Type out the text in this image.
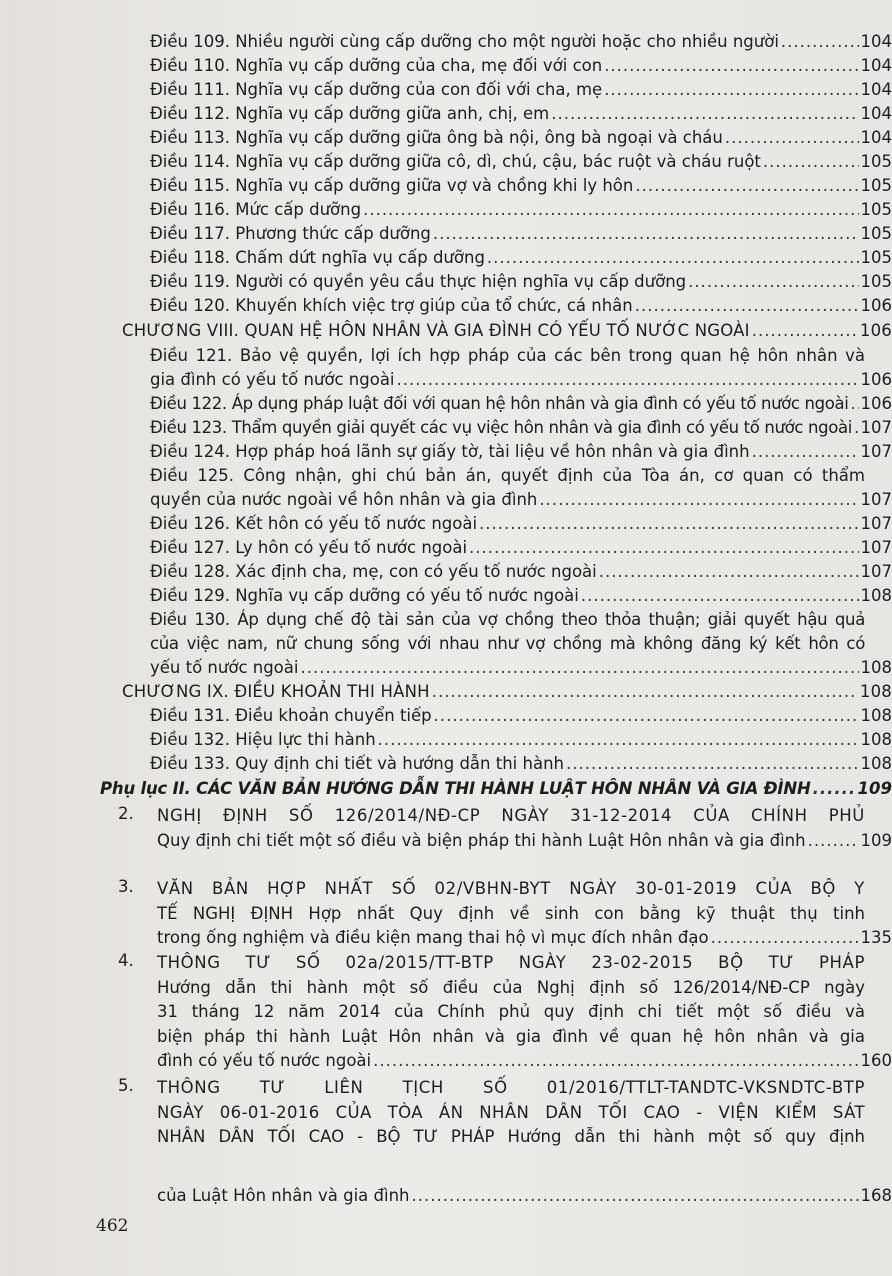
Điều 109. Nhiều người cùng cấp dưỡng cho một người hoặc cho nhiều người .....	104
Điều 110. Nghĩa vụ cấp dưỡng của cha, mẹ đối với con .....	104
Điều 111. Nghĩa vụ cấp dưỡng của con đối với cha, mẹ .....	104
Điều 112. Nghĩa vụ cấp dưỡng giữa anh, chị, em .....	104
Điều 113. Nghĩa vụ cấp dưỡng giữa ông bà nội, ông bà ngoại và cháu .....	104
Điều 114. Nghĩa vụ cấp dưỡng giữa cô, dì, chú, cậu, bác ruột và cháu ruột .....	105
Điều 115. Nghĩa vụ cấp dưỡng giữa vợ và chồng khi ly hôn .....	105
Điều 116. Mức cấp dưỡng .....	105
Điều 117. Phương thức cấp dưỡng .....	105
Điều 118. Chấm dứt nghĩa vụ cấp dưỡng .....	105
Điều 119. Người có quyền yêu cầu thực hiện nghĩa vụ cấp dưỡng .....	105
Điều 120. Khuyến khích việc trợ giúp của tổ chức, cá nhân .....	106
CHƯƠNG VIII. QUAN HỆ HÔN NHÂN VÀ GIA ĐÌNH CÓ YẾU TỐ NƯỚC NGOÀI .....	106
Điều 121. Bảo vệ quyền, lợi ích hợp pháp của các bên trong quan hệ hôn nhân và
gia đình có yếu tố nước ngoài .....	106
Điều 122. Áp dụng pháp luật đối với quan hệ hôn nhân và gia đình có yếu tố nước ngoài ..... 106
Điều 123. Thẩm quyền giải quyết các vụ việc hôn nhân và gia đình có yếu tố nước ngoài ..... 107
Điều 124. Hợp pháp hoá lãnh sự giấy tờ, tài liệu về hôn nhân và gia đình .....	107
Điều 125. Công nhận, ghi chú bản án, quyết định của Tòa án, cơ quan có thẩm
quyền của nước ngoài về hôn nhân và gia đình .....	107
Điều 126. Kết hôn có yếu tố nước ngoài .....	107
Điều 127. Ly hôn có yếu tố nước ngoài .....	107
Điều 128. Xác định cha, mẹ, con có yếu tố nước ngoài .....	107
Điều 129. Nghĩa vụ cấp dưỡng có yếu tố nước ngoài .....	108
Điều 130. Áp dụng chế độ tài sản của vợ chồng theo thỏa thuận; giải quyết hậu quả
của việc nam, nữ chung sống với nhau như vợ chồng mà không đăng ký kết hôn có
yếu tố nước ngoài .....	108
CHƯƠNG IX. ĐIỀU KHOẢN THI HÀNH .....	108
Điều 131. Điều khoản chuyển tiếp .....	108
Điều 132. Hiệu lực thi hành .....	108
Điều 133. Quy định chi tiết và hướng dẫn thi hành .....	108
Phụ lục II. CÁC VĂN BẢN HƯỚNG DẪN THI HÀNH LUẬT HÔN NHÂN VÀ GIA ĐÌNH .....	109
2. NGHỊ ĐỊNH SỐ 126/2014/NĐ-CP NGÀY 31-12-2014 CỦA CHÍNH PHỦ
Quy định chi tiết một số điều và biện pháp thi hành Luật Hôn nhân và gia đình .....	109
3. VĂN BẢN HỢP NHẤT SỐ 02/VBHN-BYT NGÀY 30-01-2019 CỦA BỘ Y
TẾ NGHỊ ĐỊNH Hợp nhất Quy định về sinh con bằng kỹ thuật thụ tinh
trong ống nghiệm và điều kiện mang thai hộ vì mục đích nhân đạo .....	135
4. THÔNG TƯ SỐ 02a/2015/TT-BTP NGÀY 23-02-2015 BỘ TƯ PHÁP
Hướng dẫn thi hành một số điều của Nghị định số 126/2014/NĐ-CP ngày
31 tháng 12 năm 2014 của Chính phủ quy định chi tiết một số điều và
biện pháp thi hành Luật Hôn nhân và gia đình về quan hệ hôn nhân và gia
đình có yếu tố nước ngoài .....	160
5. THÔNG TƯ LIÊN TỊCH SỐ 01/2016/TTLT-TANDTC-VKSNDTC-BTP
NGÀY 06-01-2016 CỦA TÒA ÁN NHÂN DÂN TỐI CAO - VIỆN KIỂM SÁT
NHÂN DÂN TỐI CAO - BỘ TƯ PHÁP Hướng dẫn thi hành một số quy định
của Luật Hôn nhân và gia đình .....	168
462
